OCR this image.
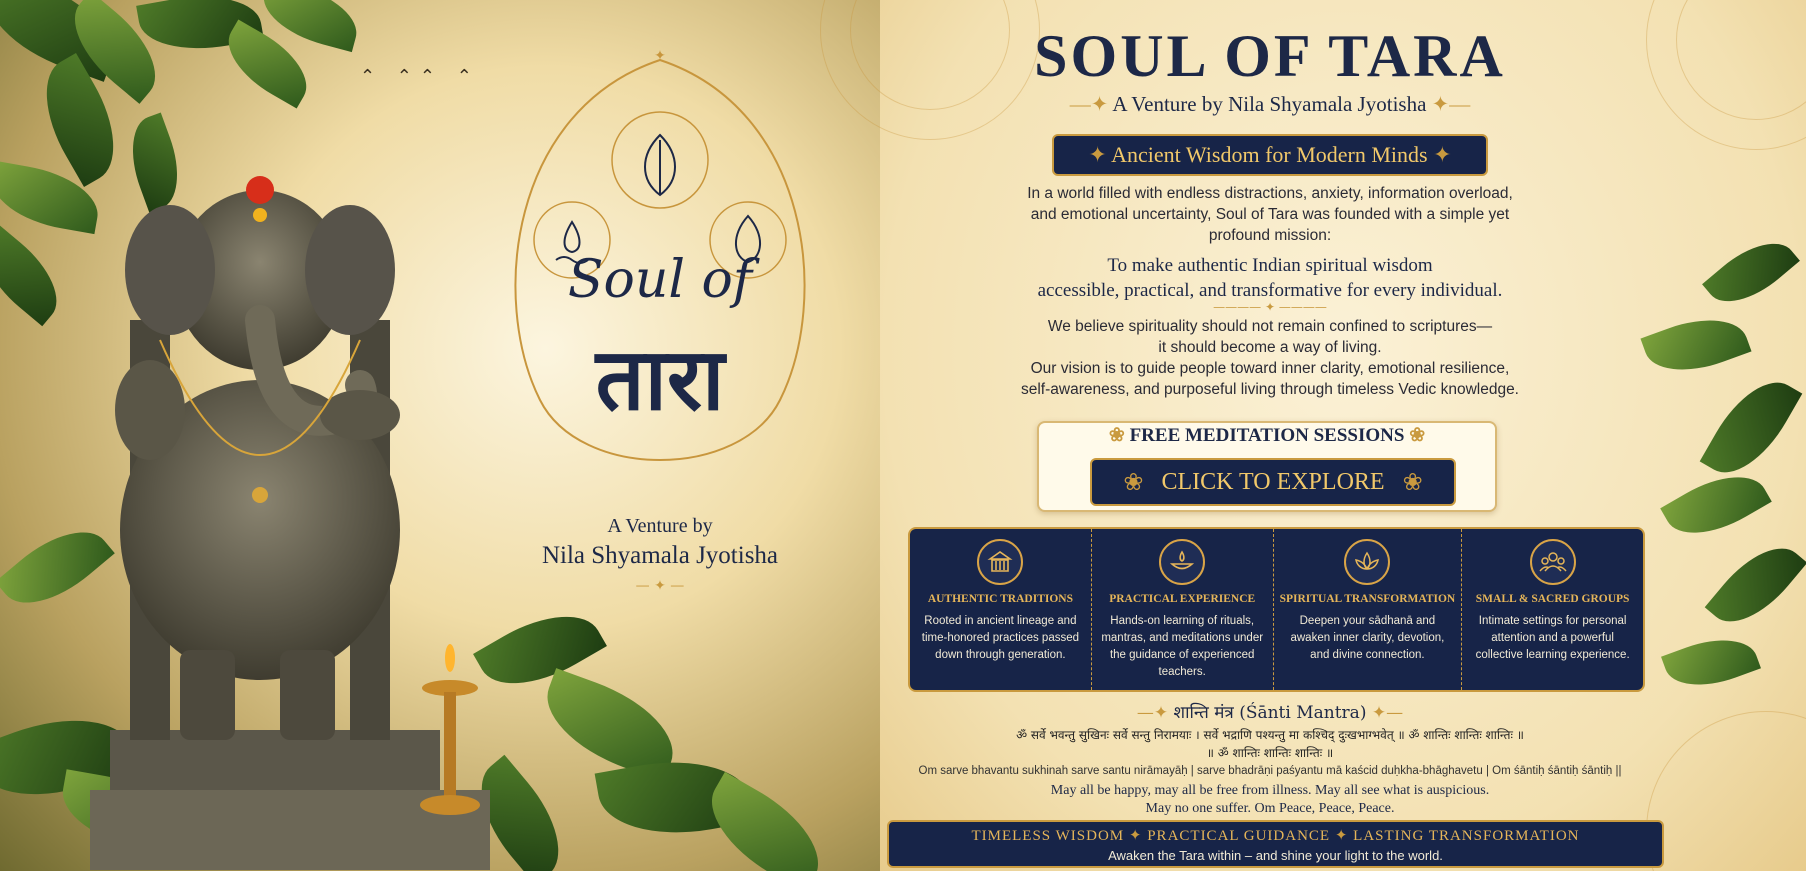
⌃ ⌃⌃ ⌃
✦
Soul of
तारा
A Venture by
Nila Shyamala Jyotisha
— ✦ —
SOUL OF TARA
—✦ A Venture by Nila Shyamala Jyotisha ✦—
✦ Ancient Wisdom for Modern Minds ✦
In a world filled with endless distractions, anxiety, information overload,
and emotional uncertainty, Soul of Tara was founded with a simple yet
profound mission:
To make authentic Indian spiritual wisdom
accessible, practical, and transformative for every individual.
———— ✦ ————
We believe spirituality should not remain confined to scriptures—
it should become a way of living.
Our vision is to guide people toward inner clarity, emotional resilience,
self-awareness, and purposeful living through timeless Vedic knowledge.
❀ FREE MEDITATION SESSIONS ❀
❀ CLICK TO EXPLORE ❀
AUTHENTIC TRADITIONS

Rooted in ancient lineage and time-honored practices passed down through generation.

PRACTICAL EXPERIENCE

Hands-on learning of rituals, mantras, and meditations under the guidance of experienced teachers.

SPIRITUAL TRANSFORMATION

Deepen your sādhanā and awaken inner clarity, devotion, and divine connection.

SMALL & SACRED GROUPS

Intimate settings for personal attention and a powerful collective learning experience.

—✦ शान्ति मंत्र (Śānti Mantra) ✦—
ॐ सर्वे भवन्तु सुखिनः सर्वे सन्तु निरामयाः । सर्वे भद्राणि पश्यन्तु मा कश्चिद् दुःखभाग्भवेत् ॥ ॐ शान्तिः शान्तिः शान्तिः ॥
॥ ॐ शान्तिः शान्तिः शान्तिः ॥
Om sarve bhavantu sukhinah sarve santu nirāmayāḥ | sarve bhadrāṇi paśyantu mā kaścid duḥkha-bhāghavetu | Om śāntiḥ śāntiḥ śāntiḥ ||
May all be happy, may all be free from illness. May all see what is auspicious.
May no one suffer. Om Peace, Peace, Peace.
TIMELESS WISDOM ✦ PRACTICAL GUIDANCE ✦ LASTING TRANSFORMATION
Awaken the Tara within – and shine your light to the world.
